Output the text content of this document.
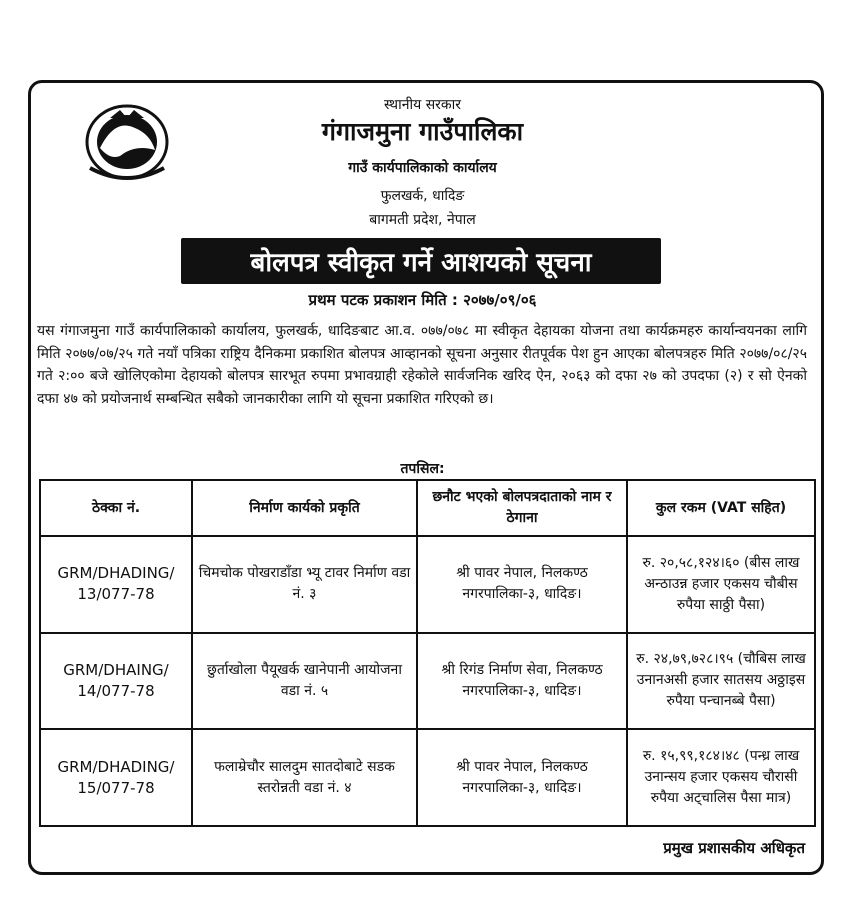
स्थानीय सरकार
गंगाजमुना गाउँपालिका
गाउँ कार्यपालिकाको कार्यालय
फुलखर्क, धादिङ
बागमती प्रदेश, नेपाल
बोलपत्र स्वीकृत गर्ने आशयको सूचना
प्रथम पटक प्रकाशन मिति : २०७७/०९/०६
यस गंगाजमुना गाउँ कार्यपालिकाको कार्यालय, फुलखर्क, धादिङबाट आ.व. ०७७/०७८ मा स्वीकृत देहायका योजना तथा कार्यक्रमहरु कार्यान्वयनका लागि मिति २०७७/०७/२५ गते नयाँ पत्रिका राष्ट्रिय दैनिकमा प्रकाशित बोलपत्र आव्हानको सूचना अनुसार रीतपूर्वक पेश हुन आएका बोलपत्रहरु मिति २०७७/०८/२५ गते २:०० बजे खोलिएकोमा देहायको बोलपत्र सारभूत रुपमा प्रभावग्राही रहेकोले सार्वजनिक खरिद ऐन, २०६३ को दफा २७ को उपदफा (२) र सो ऐनको दफा ४७ को प्रयोजनार्थ सम्बन्धित सबैको जानकारीका लागि यो सूचना प्रकाशित गरिएको छ।
तपसिल:
ठेक्का नं.	निर्माण कार्यको प्रकृति	छनौट भएको बोलपत्रदाताको नाम र ठेगाना	कुल रकम (VAT सहित)
GRM/DHADING/ 13/077-78	चिमचोक पोखराडाँडा भ्यू टावर निर्माण वडा नं. ३	श्री पावर नेपाल, निलकण्ठ नगरपालिका-३, धादिङ।	रु. २०,५८,१२४।६० (बीस लाख अन्ठाउन्न हजार एकसय चौबीस रुपैया साठ्ठी पैसा)
GRM/DHAING/ 14/077-78	छुर्ताखोला पैयूखर्क खानेपानी आयोजना वडा नं. ५	श्री रिगंड निर्माण सेवा, निलकण्ठ नगरपालिका-३, धादिङ।	रु. २४,७९,७२८।९५ (चौबिस लाख उनानअसी हजार सातसय अठ्ठाइस रुपैया पन्चानब्बे पैसा)
GRM/DHADING/ 15/077-78	फलाम्रेचौर सालदुम सातदोबाटे सडक स्तरोन्नती वडा नं. ४	श्री पावर नेपाल, निलकण्ठ नगरपालिका-३, धादिङ।	रु. १५,९९,१८४।४८ (पन्ध्र लाख उनान्सय हजार एकसय चौरासी रुपैया अट्चालिस पैसा मात्र)
प्रमुख प्रशासकीय अधिकृत
